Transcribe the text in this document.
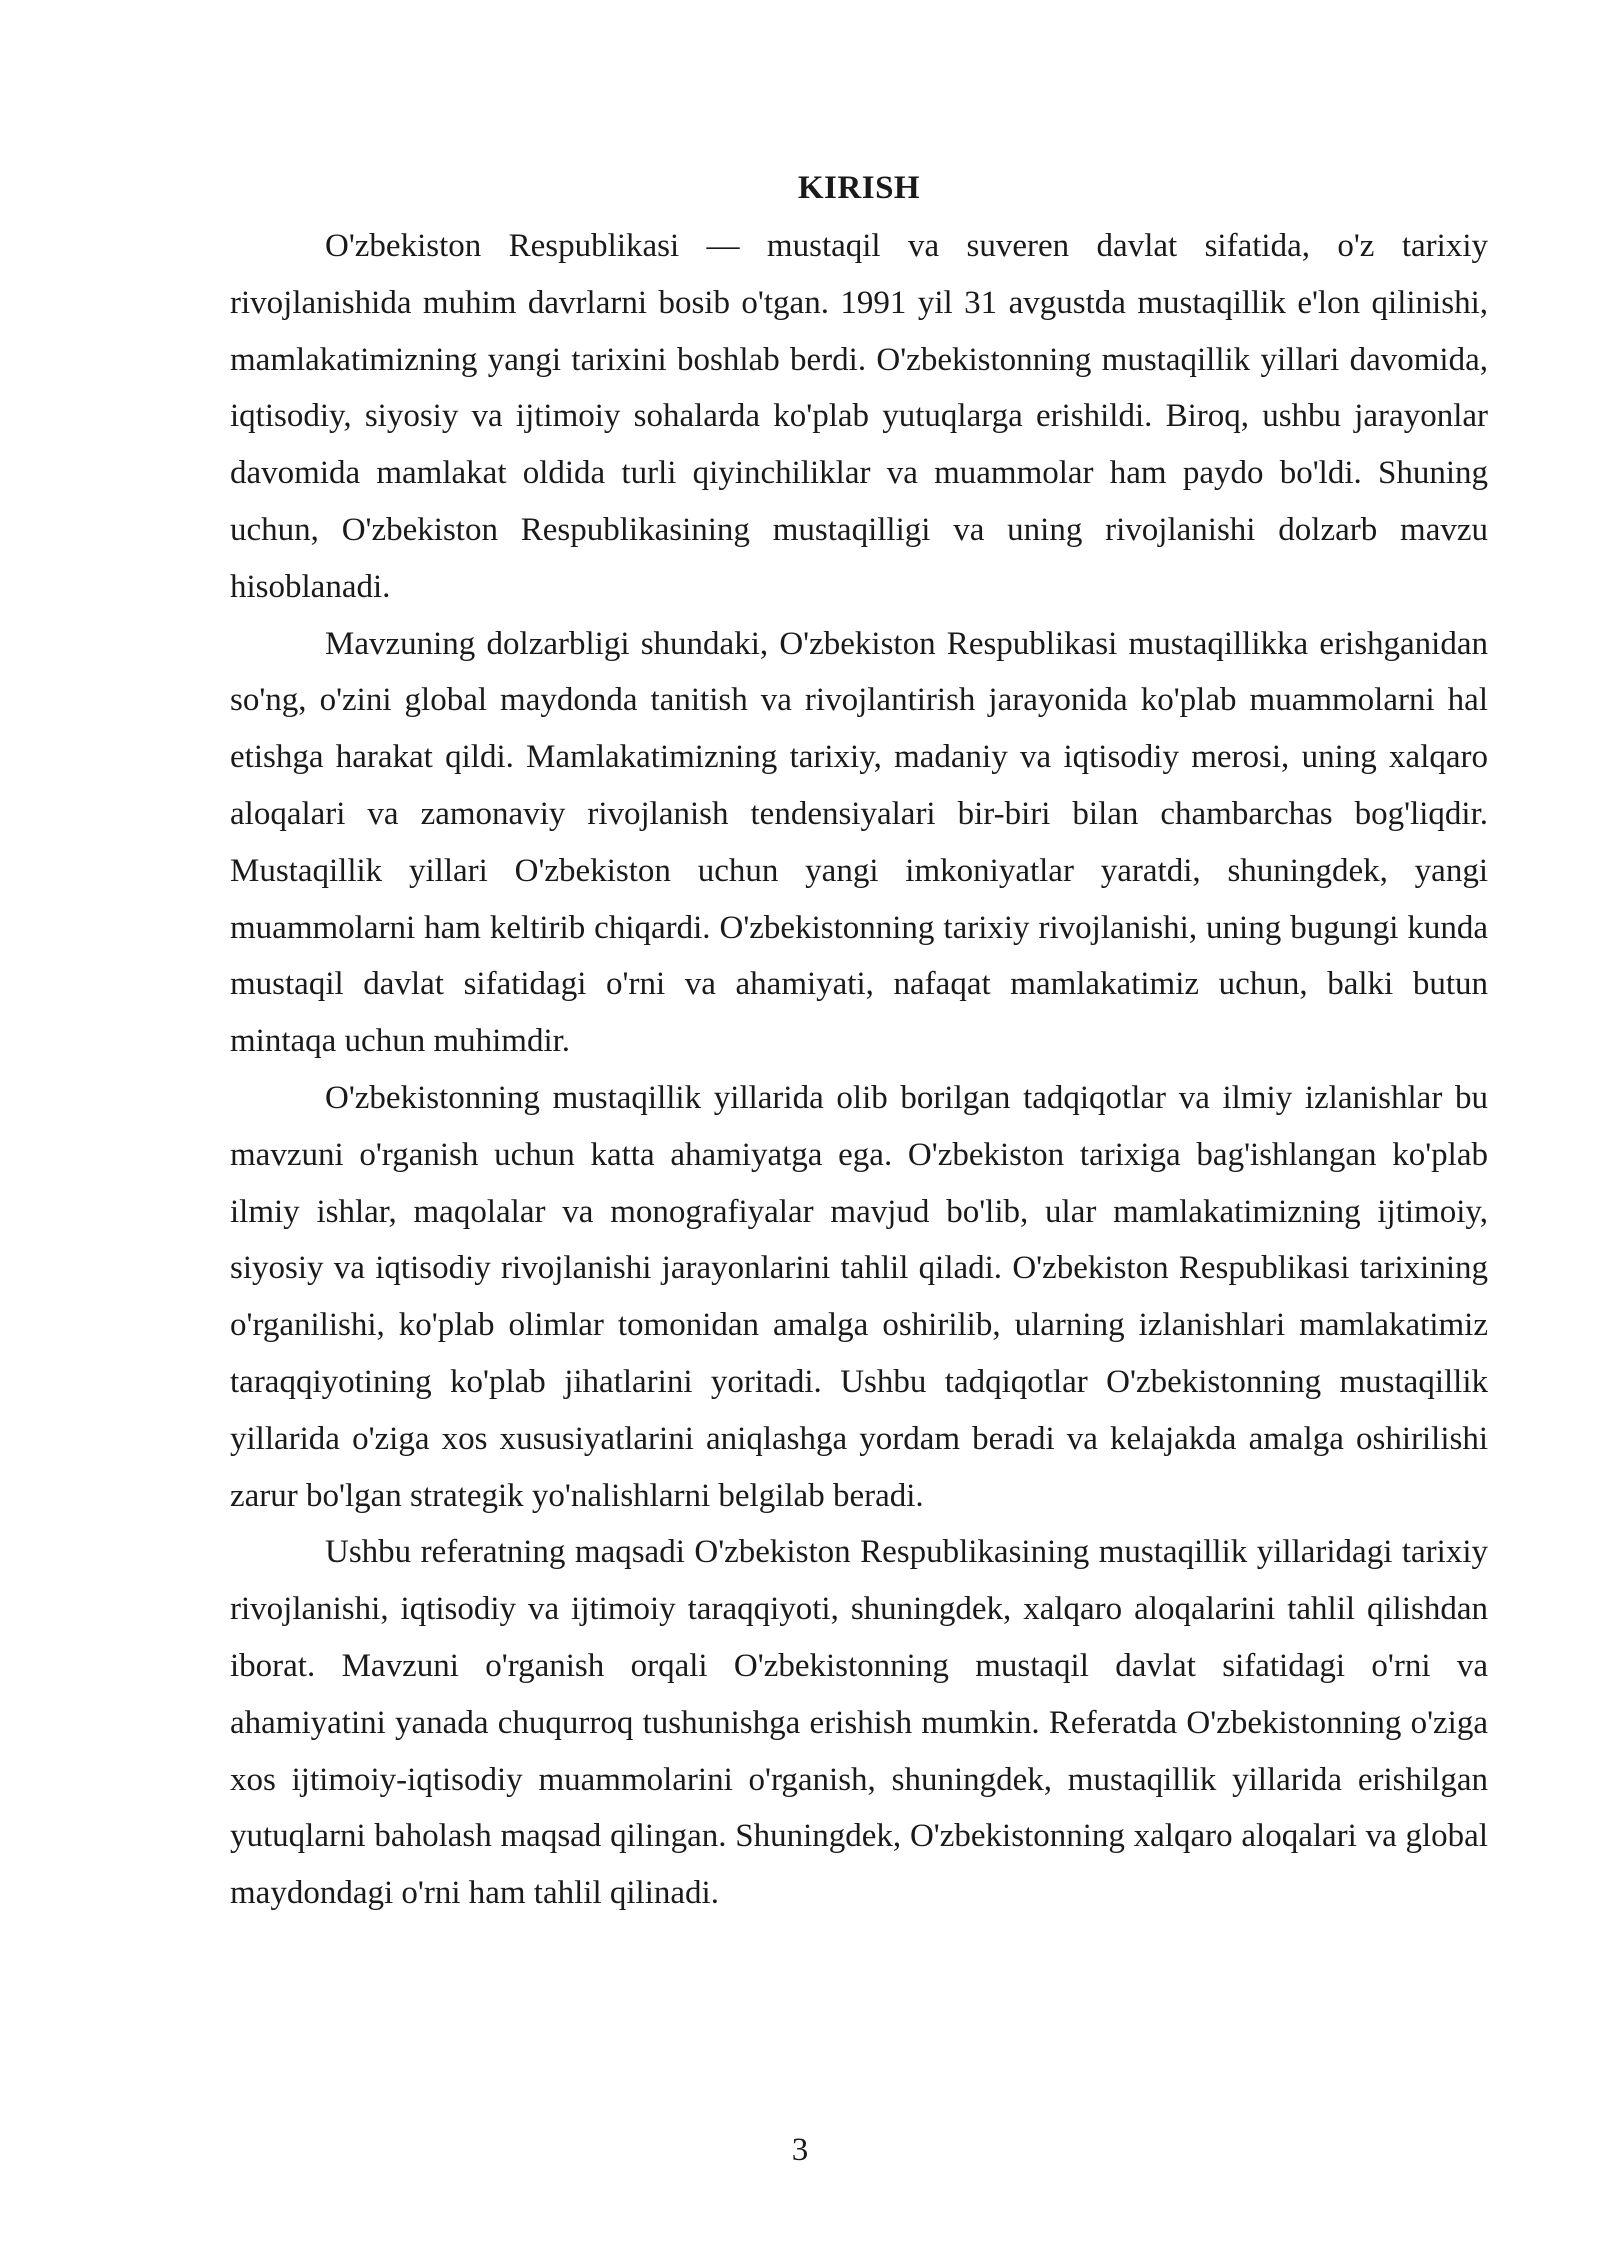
KIRISH

O'zbekiston Respublikasi — mustaqil va suveren davlat sifatida, o'z tarixiy rivojlanishida muhim davrlarni bosib o'tgan. 1991 yil 31 avgustda mustaqillik e'lon qilinishi, mamlakatimizning yangi tarixini boshlab berdi. O'zbekistonning mustaqillik yillari davomida, iqtisodiy, siyosiy va ijtimoiy sohalarda ko'plab yutuqlarga erishildi. Biroq, ushbu jarayonlar davomida mamlakat oldida turli qiyinchiliklar va muammolar ham paydo bo'ldi. Shuning uchun, O'zbekiston Respublikasining mustaqilligi va uning rivojlanishi dolzarb mavzu hisoblanadi.

Mavzuning dolzarbligi shundaki, O'zbekiston Respublikasi mustaqillikka erishganidan so'ng, o'zini global maydonda tanitish va rivojlantirish jarayonida ko'plab muammolarni hal etishga harakat qildi. Mamlakatimizning tarixiy, madaniy va iqtisodiy merosi, uning xalqaro aloqalari va zamonaviy rivojlanish tendensiyalari bir-biri bilan chambarchas bog'liqdir. Mustaqillik yillari O'zbekiston uchun yangi imkoniyatlar yaratdi, shuningdek, yangi muammolarni ham keltirib chiqardi. O'zbekistonning tarixiy rivojlanishi, uning bugungi kunda mustaqil davlat sifatidagi o'rni va ahamiyati, nafaqat mamlakatimiz uchun, balki butun mintaqa uchun muhimdir.

O'zbekistonning mustaqillik yillarida olib borilgan tadqiqotlar va ilmiy izlanishlar bu mavzuni o'rganish uchun katta ahamiyatga ega. O'zbekiston tarixiga bag'ishlangan ko'plab ilmiy ishlar, maqolalar va monografiyalar mavjud bo'lib, ular mamlakatimizning ijtimoiy, siyosiy va iqtisodiy rivojlanishi jarayonlarini tahlil qiladi. O'zbekiston Respublikasi tarixining o'rganilishi, ko'plab olimlar tomonidan amalga oshirilib, ularning izlanishlari mamlakatimiz taraqqiyotining ko'plab jihatlarini yoritadi. Ushbu tadqiqotlar O'zbekistonning mustaqillik yillarida o'ziga xos xususiyatlarini aniqlashga yordam beradi va kelajakda amalga oshirilishi zarur bo'lgan strategik yo'nalishlarni belgilab beradi.

Ushbu referatning maqsadi O'zbekiston Respublikasining mustaqillik yillaridagi tarixiy rivojlanishi, iqtisodiy va ijtimoiy taraqqiyoti, shuningdek, xalqaro aloqalarini tahlil qilishdan iborat. Mavzuni o'rganish orqali O'zbekistonning mustaqil davlat sifatidagi o'rni va ahamiyatini yanada chuqurroq tushunishga erishish mumkin. Referatda O'zbekistonning o'ziga xos ijtimoiy-iqtisodiy muammolarini o'rganish, shuningdek, mustaqillik yillarida erishilgan yutuqlarni baholash maqsad qilingan. Shuningdek, O'zbekistonning xalqaro aloqalari va global maydondagi o'rni ham tahlil qilinadi.

3
